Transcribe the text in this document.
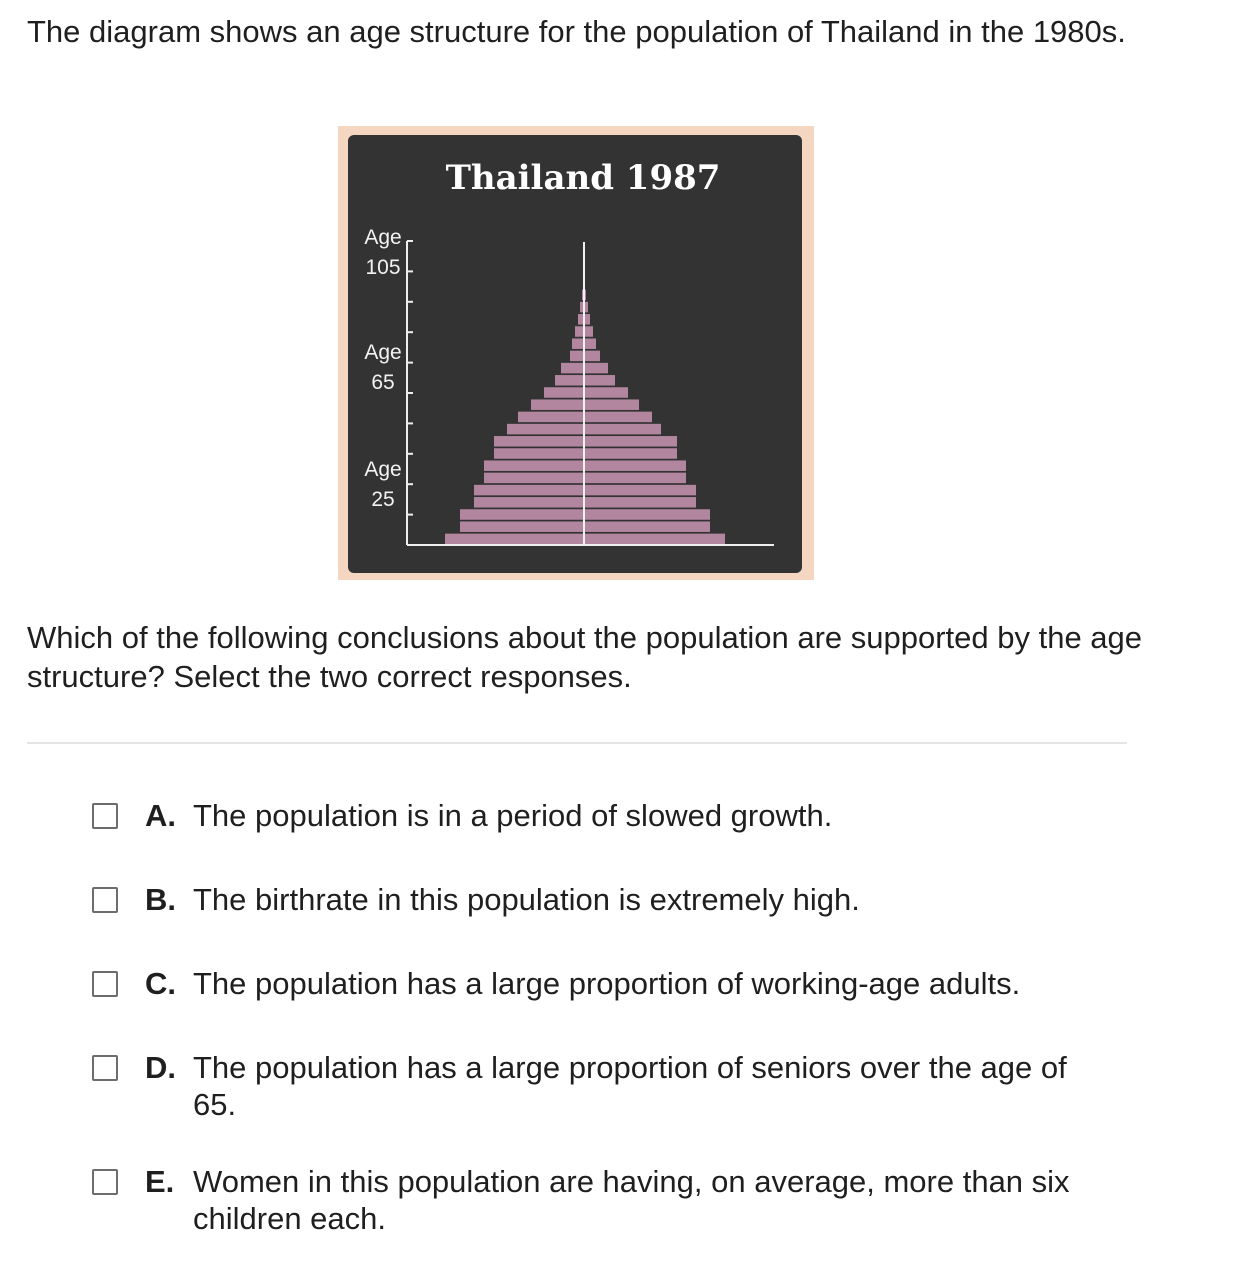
The diagram shows an age structure for the population of Thailand in the 1980s.
Thailand 1987
Age
105
Age
65
Age
25
Which of the following conclusions about the population are supported by the age structure? Select the two correct responses.
A. The population is in a period of slowed growth.
B. The birthrate in this population is extremely high.
C. The population has a large proportion of working-age adults.
D. The population has a large proportion of seniors over the age of 65.
E. Women in this population are having, on average, more than six children each.
